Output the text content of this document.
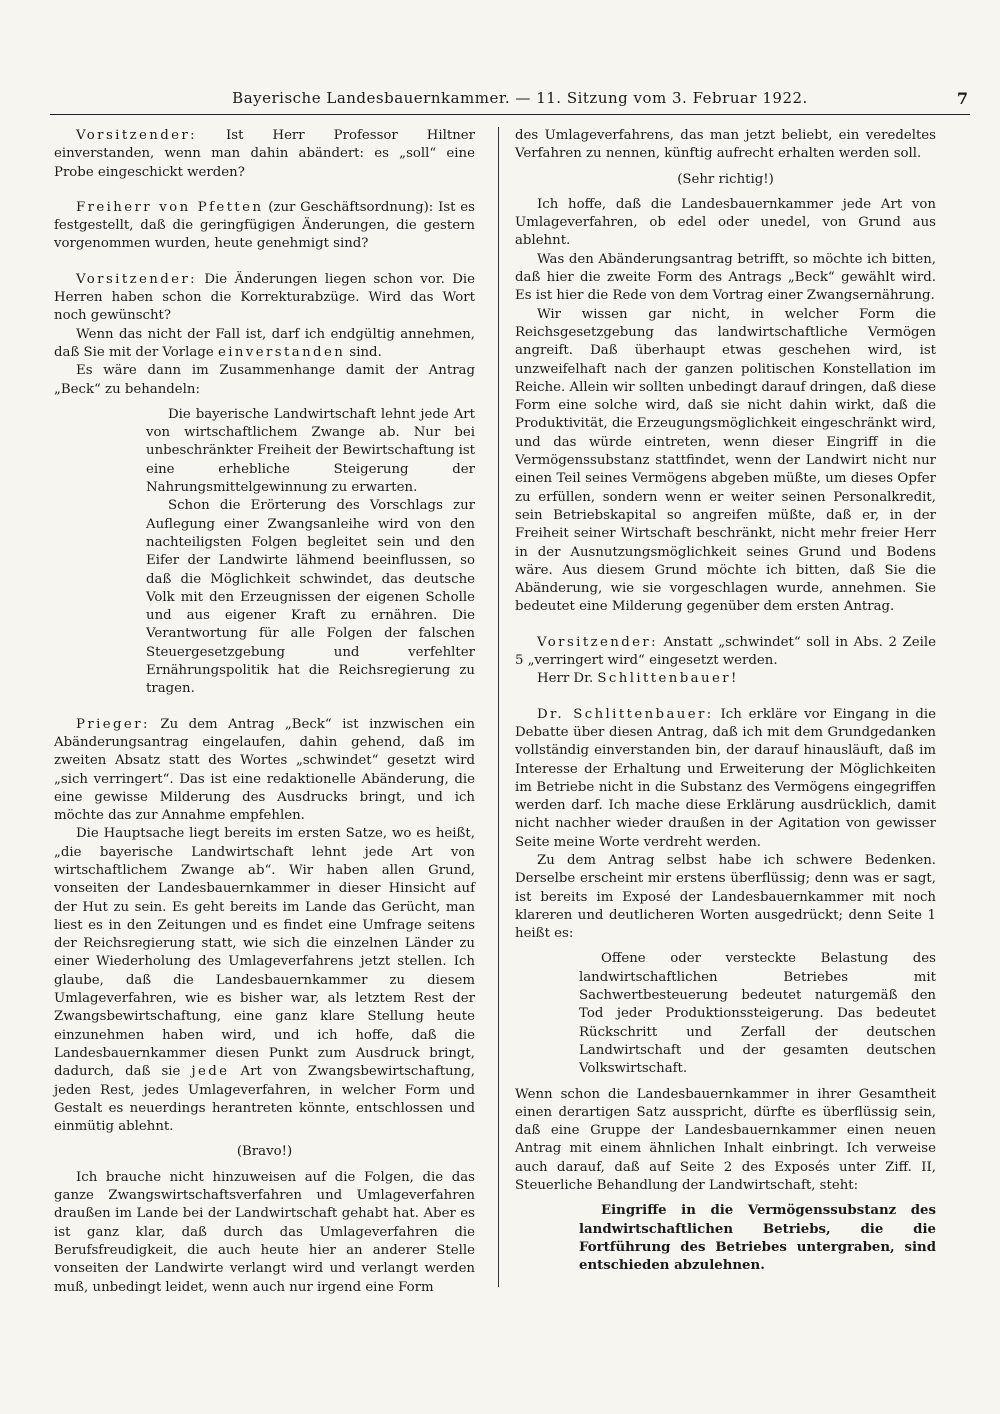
Bayerische Landesbauernkammer. — 11. Sitzung vom 3. Februar 1922.	7

Vorsitzender: Ist Herr Professor Hiltner einverstanden, wenn man dahin abändert: es „soll“ eine Probe eingeschickt werden?

Freiherr von Pfetten (zur Geschäftsordnung): Ist es festgestellt, daß die geringfügigen Änderungen, die gestern vorgenommen wurden, heute genehmigt sind?

Vorsitzender: Die Änderungen liegen schon vor. Die Herren haben schon die Korrekturabzüge. Wird das Wort noch gewünscht?

Wenn das nicht der Fall ist, darf ich endgültig annehmen, daß Sie mit der Vorlage einverstanden sind.

Es wäre dann im Zusammenhange damit der Antrag „Beck“ zu behandeln:

Die bayerische Landwirtschaft lehnt jede Art von wirtschaftlichem Zwange ab. Nur bei unbeschränkter Freiheit der Bewirtschaftung ist eine erhebliche Steigerung der Nahrungsmittelgewinnung zu erwarten.

Schon die Erörterung des Vorschlags zur Auflegung einer Zwangsanleihe wird von den nachteiligsten Folgen begleitet sein und den Eifer der Landwirte lähmend beeinflussen, so daß die Möglichkeit schwindet, das deutsche Volk mit den Erzeugnissen der eigenen Scholle und aus eigener Kraft zu ernähren. Die Verantwortung für alle Folgen der falschen Steuergesetzgebung und verfehlter Ernährungspolitik hat die Reichsregierung zu tragen.

Prieger: Zu dem Antrag „Beck“ ist inzwischen ein Abänderungsantrag eingelaufen, dahin gehend, daß im zweiten Absatz statt des Wortes „schwindet“ gesetzt wird „sich verringert“. Das ist eine redaktionelle Abänderung, die eine gewisse Milderung des Ausdrucks bringt, und ich möchte das zur Annahme empfehlen.

Die Hauptsache liegt bereits im ersten Satze, wo es heißt, „die bayerische Landwirtschaft lehnt jede Art von wirtschaftlichem Zwange ab“. Wir haben allen Grund, vonseiten der Landesbauernkammer in dieser Hinsicht auf der Hut zu sein. Es geht bereits im Lande das Gerücht, man liest es in den Zeitungen und es findet eine Umfrage seitens der Reichsregierung statt, wie sich die einzelnen Länder zu einer Wiederholung des Umlageverfahrens jetzt stellen. Ich glaube, daß die Landesbauernkammer zu diesem Umlageverfahren, wie es bisher war, als letztem Rest der Zwangsbewirtschaftung, eine ganz klare Stellung heute einzunehmen haben wird, und ich hoffe, daß die Landesbauernkammer diesen Punkt zum Ausdruck bringt, dadurch, daß sie jede Art von Zwangsbewirtschaftung, jeden Rest, jedes Umlageverfahren, in welcher Form und Gestalt es neuerdings herantreten könnte, entschlossen und einmütig ablehnt.

(Bravo!)

Ich brauche nicht hinzuweisen auf die Folgen, die das ganze Zwangswirtschaftsverfahren und Umlageverfahren draußen im Lande bei der Landwirtschaft gehabt hat. Aber es ist ganz klar, daß durch das Umlageverfahren die Berufsfreudigkeit, die auch heute hier an anderer Stelle vonseiten der Landwirte verlangt wird und verlangt werden muß, unbedingt leidet, wenn auch nur irgend eine Form

des Umlageverfahrens, das man jetzt beliebt, ein veredeltes Verfahren zu nennen, künftig aufrecht erhalten werden soll.

(Sehr richtig!)

Ich hoffe, daß die Landesbauernkammer jede Art von Umlageverfahren, ob edel oder unedel, von Grund aus ablehnt.

Was den Abänderungsantrag betrifft, so möchte ich bitten, daß hier die zweite Form des Antrags „Beck“ gewählt wird. Es ist hier die Rede von dem Vortrag einer Zwangsernährung.

Wir wissen gar nicht, in welcher Form die Reichsgesetzgebung das landwirtschaftliche Vermögen angreift. Daß überhaupt etwas geschehen wird, ist unzweifelhaft nach der ganzen politischen Konstellation im Reiche. Allein wir sollten unbedingt darauf dringen, daß diese Form eine solche wird, daß sie nicht dahin wirkt, daß die Produktivität, die Erzeugungsmöglichkeit eingeschränkt wird, und das würde eintreten, wenn dieser Eingriff in die Vermögenssubstanz stattfindet, wenn der Landwirt nicht nur einen Teil seines Vermögens abgeben müßte, um dieses Opfer zu erfüllen, sondern wenn er weiter seinen Personalkredit, sein Betriebskapital so angreifen müßte, daß er, in der Freiheit seiner Wirtschaft beschränkt, nicht mehr freier Herr in der Ausnutzungsmöglichkeit seines Grund und Bodens wäre. Aus diesem Grund möchte ich bitten, daß Sie die Abänderung, wie sie vorgeschlagen wurde, annehmen. Sie bedeutet eine Milderung gegenüber dem ersten Antrag.

Vorsitzender: Anstatt „schwindet“ soll in Abs. 2 Zeile 5 „verringert wird“ eingesetzt werden.

Herr Dr. Schlittenbauer!

Dr. Schlittenbauer: Ich erkläre vor Eingang in die Debatte über diesen Antrag, daß ich mit dem Grundgedanken vollständig einverstanden bin, der darauf hinausläuft, daß im Interesse der Erhaltung und Erweiterung der Möglichkeiten im Betriebe nicht in die Substanz des Vermögens eingegriffen werden darf. Ich mache diese Erklärung ausdrücklich, damit nicht nachher wieder draußen in der Agitation von gewisser Seite meine Worte verdreht werden.

Zu dem Antrag selbst habe ich schwere Bedenken. Derselbe erscheint mir erstens überflüssig; denn was er sagt, ist bereits im Exposé der Landesbauernkammer mit noch klareren und deutlicheren Worten ausgedrückt; denn Seite 1 heißt es:

Offene oder versteckte Belastung des landwirtschaftlichen Betriebes mit Sachwertbesteuerung bedeutet naturgemäß den Tod jeder Produktionssteigerung. Das bedeutet Rückschritt und Zerfall der deutschen Landwirtschaft und der gesamten deutschen Volkswirtschaft.

Wenn schon die Landesbauernkammer in ihrer Gesamtheit einen derartigen Satz ausspricht, dürfte es überflüssig sein, daß eine Gruppe der Landesbauernkammer einen neuen Antrag mit einem ähnlichen Inhalt einbringt. Ich verweise auch darauf, daß auf Seite 2 des Exposés unter Ziff. II, Steuerliche Behandlung der Landwirtschaft, steht:

Eingriffe in die Vermögenssubstanz des landwirtschaftlichen Betriebs, die die Fortführung des Betriebes untergraben, sind entschieden abzulehnen.
